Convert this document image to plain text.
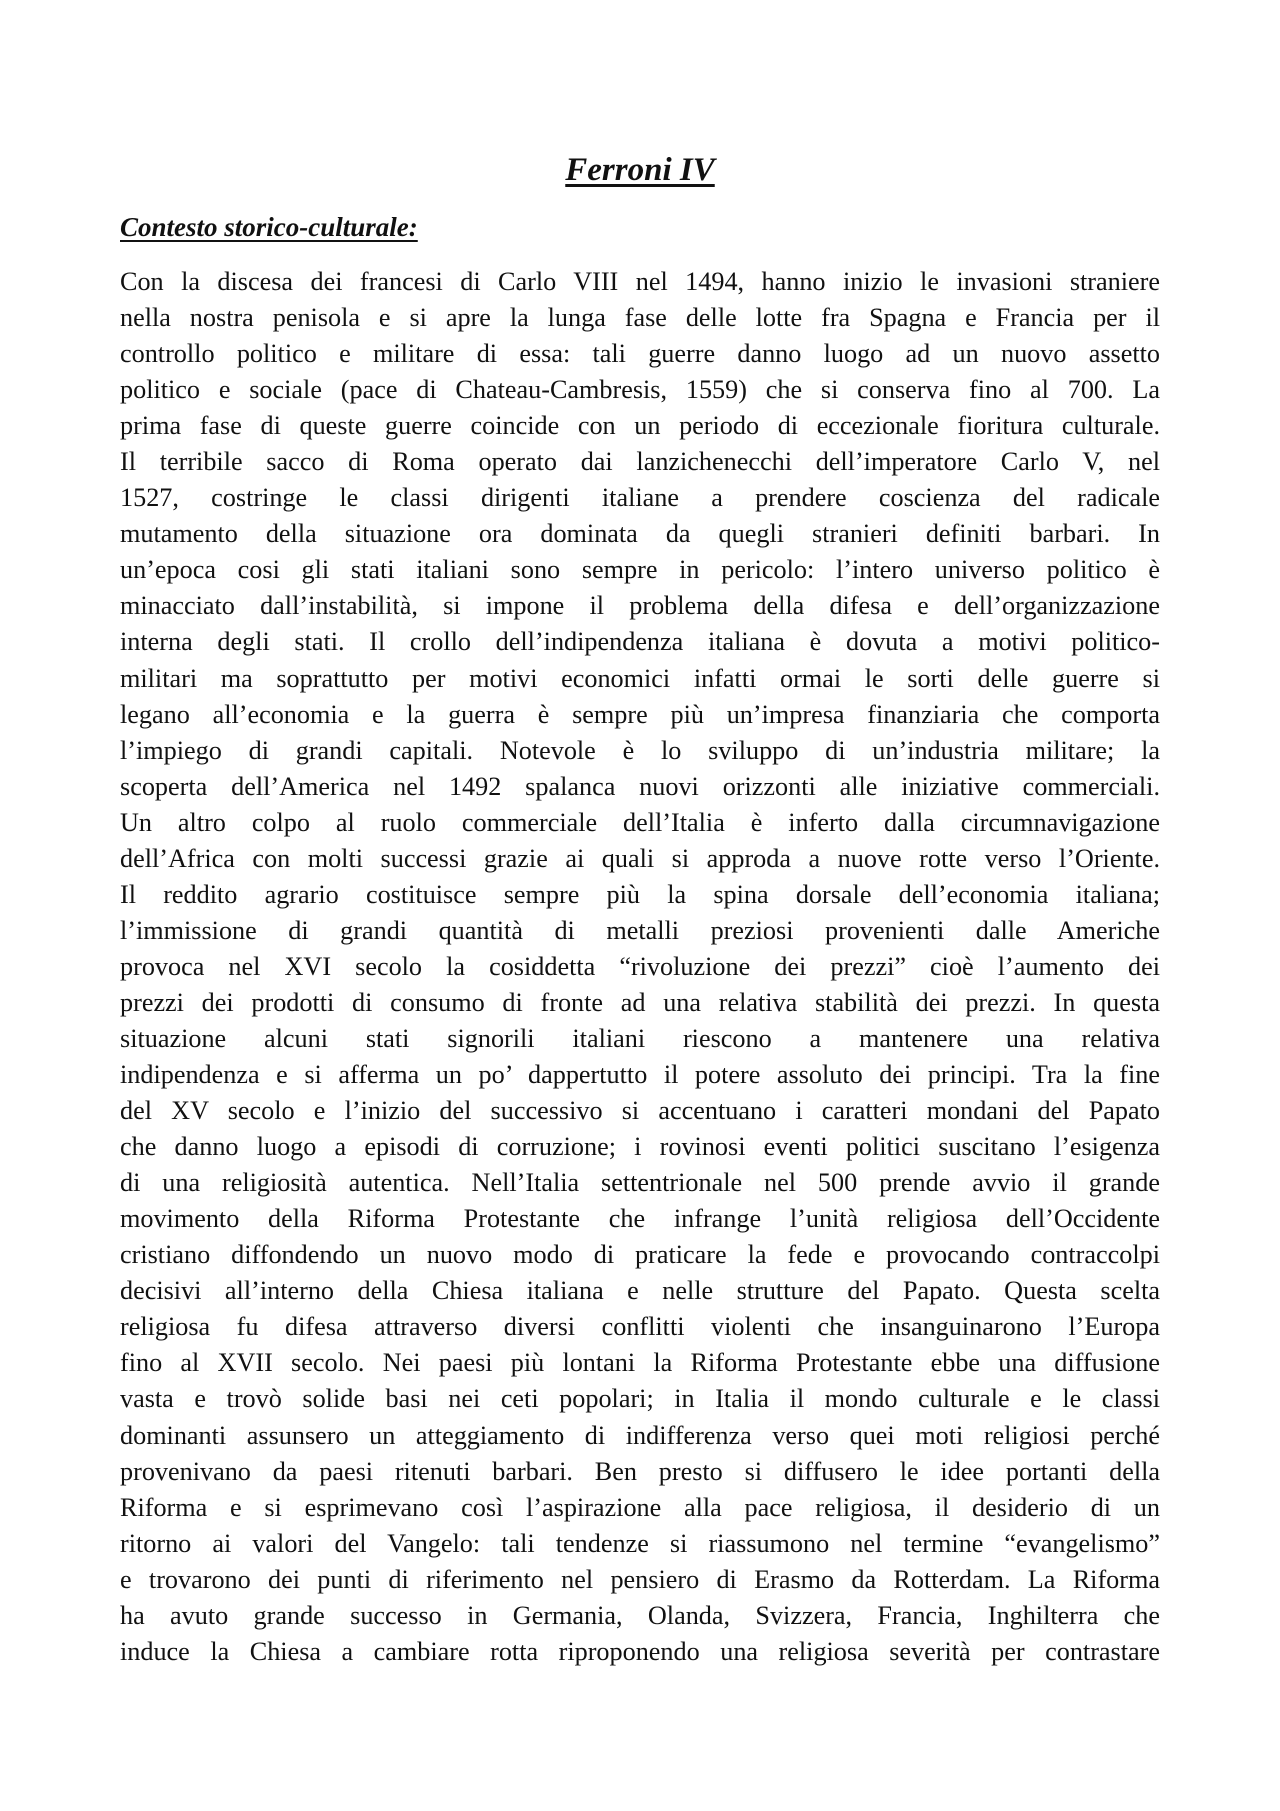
Ferroni IV
Contesto storico-culturale:
Con la discesa dei francesi di Carlo VIII nel 1494, hanno inizio le invasioni straniere
nella nostra penisola e si apre la lunga fase delle lotte fra Spagna e Francia per il
controllo politico e militare di essa: tali guerre danno luogo ad un nuovo assetto
politico e sociale (pace di Chateau-Cambresis, 1559) che si conserva fino al 700. La
prima fase di queste guerre coincide con un periodo di eccezionale fioritura culturale.
Il terribile sacco di Roma operato dai lanzichenecchi dell’imperatore Carlo V, nel
1527, costringe le classi dirigenti italiane a prendere coscienza del radicale
mutamento della situazione ora dominata da quegli stranieri definiti barbari. In
un’epoca cosi gli stati italiani sono sempre in pericolo: l’intero universo politico è
minacciato dall’instabilità, si impone il problema della difesa e dell’organizzazione
interna degli stati. Il crollo dell’indipendenza italiana è dovuta a motivi politico-
militari ma soprattutto per motivi economici infatti ormai le sorti delle guerre si
legano all’economia e la guerra è sempre più un’impresa finanziaria che comporta
l’impiego di grandi capitali. Notevole è lo sviluppo di un’industria militare; la
scoperta dell’America nel 1492 spalanca nuovi orizzonti alle iniziative commerciali.
Un altro colpo al ruolo commerciale dell’Italia è inferto dalla circumnavigazione
dell’Africa con molti successi grazie ai quali si approda a nuove rotte verso l’Oriente.
Il reddito agrario costituisce sempre più la spina dorsale dell’economia italiana;
l’immissione di grandi quantità di metalli preziosi provenienti dalle Americhe
provoca nel XVI secolo la cosiddetta “rivoluzione dei prezzi” cioè l’aumento dei
prezzi dei prodotti di consumo di fronte ad una relativa stabilità dei prezzi. In questa
situazione alcuni stati signorili italiani riescono a mantenere una relativa
indipendenza e si afferma un po’ dappertutto il potere assoluto dei principi. Tra la fine
del XV secolo e l’inizio del successivo si accentuano i caratteri mondani del Papato
che danno luogo a episodi di corruzione; i rovinosi eventi politici suscitano l’esigenza
di una religiosità autentica. Nell’Italia settentrionale nel 500 prende avvio il grande
movimento della Riforma Protestante che infrange l’unità religiosa dell’Occidente
cristiano diffondendo un nuovo modo di praticare la fede e provocando contraccolpi
decisivi all’interno della Chiesa italiana e nelle strutture del Papato. Questa scelta
religiosa fu difesa attraverso diversi conflitti violenti che insanguinarono l’Europa
fino al XVII secolo. Nei paesi più lontani la Riforma Protestante ebbe una diffusione
vasta e trovò solide basi nei ceti popolari; in Italia il mondo culturale e le classi
dominanti assunsero un atteggiamento di indifferenza verso quei moti religiosi perché
provenivano da paesi ritenuti barbari. Ben presto si diffusero le idee portanti della
Riforma e si esprimevano così l’aspirazione alla pace religiosa, il desiderio di un
ritorno ai valori del Vangelo: tali tendenze si riassumono nel termine “evangelismo”
e trovarono dei punti di riferimento nel pensiero di Erasmo da Rotterdam. La Riforma
ha avuto grande successo in Germania, Olanda, Svizzera, Francia, Inghilterra che
induce la Chiesa a cambiare rotta riproponendo una religiosa severità per contrastare
